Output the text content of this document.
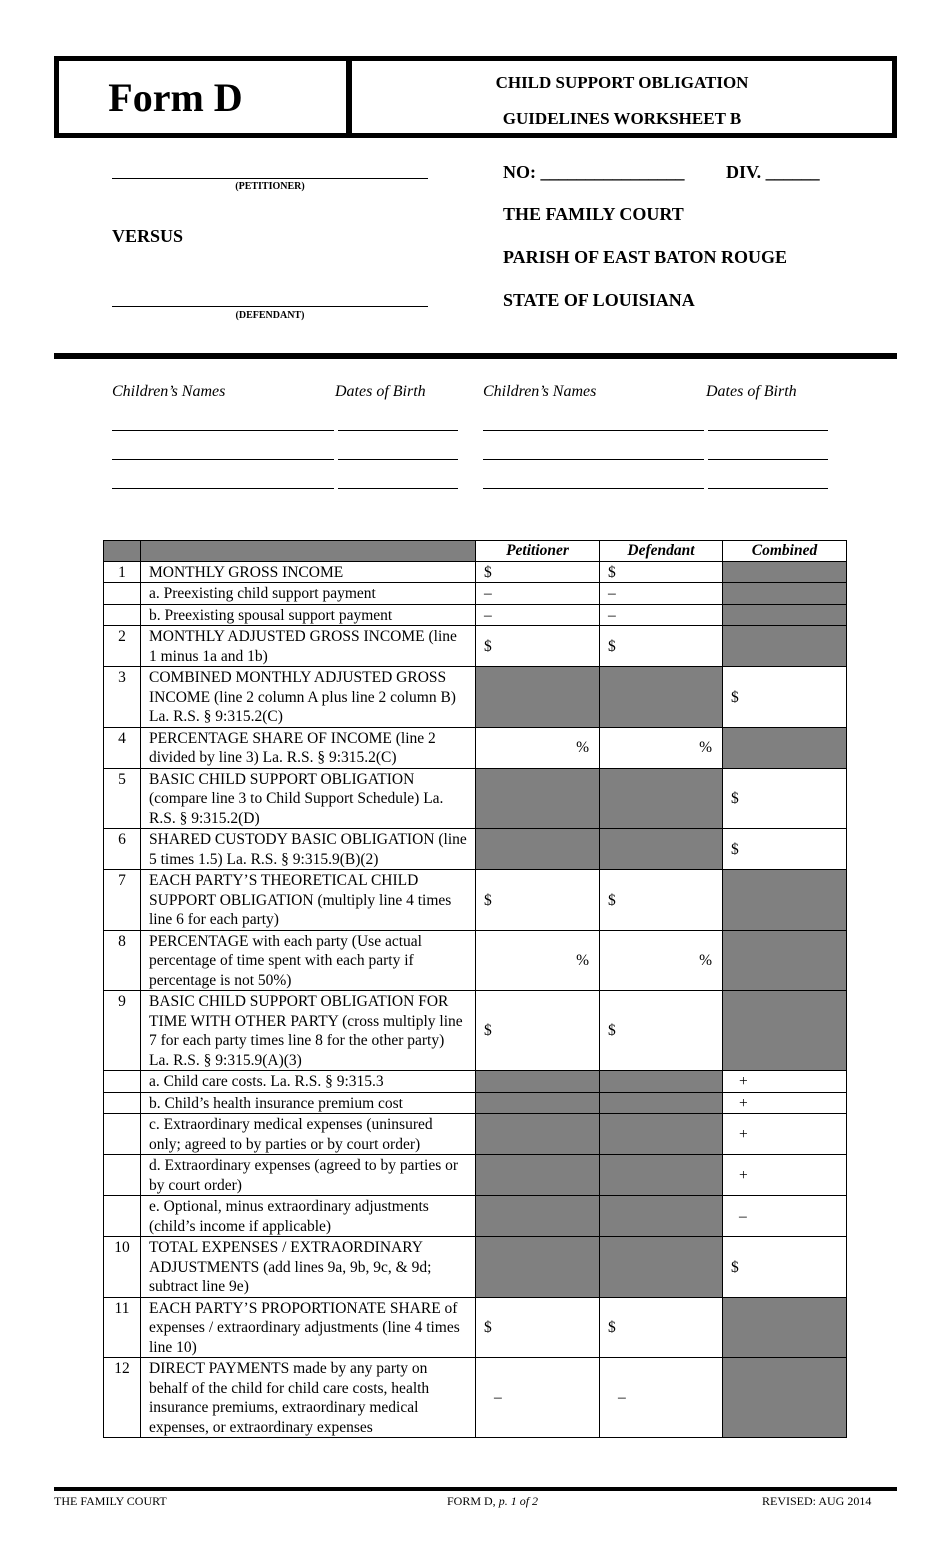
Form D	CHILD SUPPORT OBLIGATION
GUIDELINES WORKSHEET B
(PETITIONER)
VERSUS
(DEFENDANT)
NO: ________________ DIV. ______
THE FAMILY COURT
PARISH OF EAST BATON ROUGE
STATE OF LOUISIANA
Children’s Names	Dates of Birth	Children’s Names	Dates of Birth
		Petitioner	Defendant	Combined
1	MONTHLY GROSS INCOME	$	$	
	a. Preexisting child support payment	–	–	
	b. Preexisting spousal support payment	–	–	
2	MONTHLY ADJUSTED GROSS INCOME (line 1 minus 1a and 1b)	$	$	
3	COMBINED MONTHLY ADJUSTED GROSS INCOME (line 2 column A plus line 2 column B) La. R.S. § 9:315.2(C)			$
4	PERCENTAGE SHARE OF INCOME (line 2 divided by line 3) La. R.S. § 9:315.2(C)	%	%	
5	BASIC CHILD SUPPORT OBLIGATION (compare line 3 to Child Support Schedule) La. R.S. § 9:315.2(D)			$
6	SHARED CUSTODY BASIC OBLIGATION (line 5 times 1.5) La. R.S. § 9:315.9(B)(2)			$
7	EACH PARTY’S THEORETICAL CHILD SUPPORT OBLIGATION (multiply line 4 times line 6 for each party)	$	$	
8	PERCENTAGE with each party (Use actual percentage of time spent with each party if percentage is not 50%)	%	%	
9	BASIC CHILD SUPPORT OBLIGATION FOR TIME WITH OTHER PARTY (cross multiply line 7 for each party times line 8 for the other party) La. R.S. § 9:315.9(A)(3)	$	$	
	a. Child care costs. La. R.S. § 9:315.3			+
	b. Child’s health insurance premium cost			+
	c. Extraordinary medical expenses (uninsured only; agreed to by parties or by court order)			+
	d. Extraordinary expenses (agreed to by parties or by court order)			+
	e. Optional, minus extraordinary adjustments (child’s income if applicable)			–
10	TOTAL EXPENSES / EXTRAORDINARY ADJUSTMENTS (add lines 9a, 9b, 9c, & 9d; subtract line 9e)			$
11	EACH PARTY’S PROPORTIONATE SHARE of expenses / extraordinary adjustments (line 4 times line 10)	$	$	
12	DIRECT PAYMENTS made by any party on behalf of the child for child care costs, health insurance premiums, extraordinary medical expenses, or extraordinary expenses	–	–	
THE FAMILY COURT	FORM D, p. 1 of 2	REVISED: AUG 2014
